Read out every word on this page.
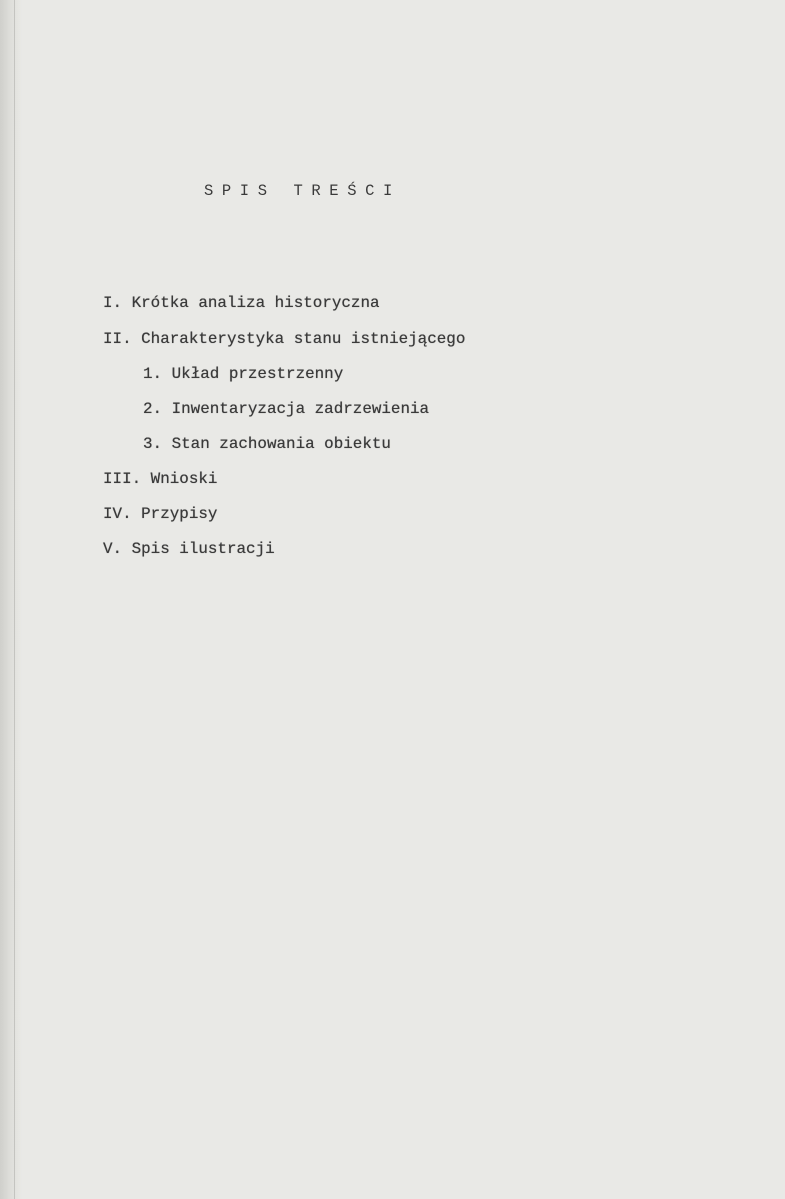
SPIS TREŚCI
I. Krótka analiza historyczna
II. Charakterystyka stanu istniejącego
1. Układ przestrzenny
2. Inwentaryzacja zadrzewienia
3. Stan zachowania obiektu
III. Wnioski
IV. Przypisy
V. Spis ilustracji
